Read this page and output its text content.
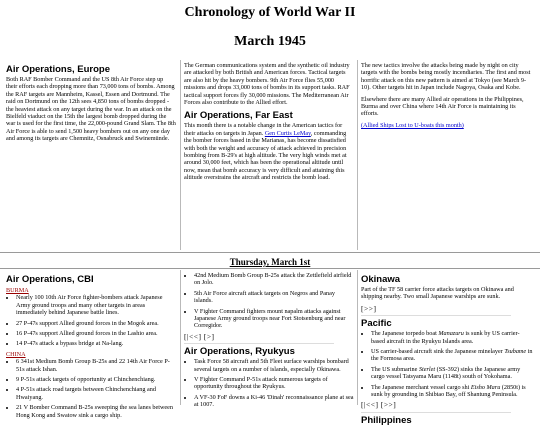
Chronology of World War II
March 1945
Air Operations, Europe

Both RAF Bomber Command and the US 8th Air Force step up their efforts each dropping more than 73,000 tons of bombs. Among the RAF targets are Mannheim, Kassel, Essen and Dortmund. The raid on Dortmund on the 12th sees 4,850 tons of bombs dropped - the heaviest attack on any target during the war. In an attack on the Bielfeld viaduct on the 15th the largest bomb dropped during the war is used for the first time, the 22,000-pound Grand Slam. The 8th Air Force is able to send 1,500 heavy bombers out on any one day and among its targets are Chemnitz, Osnabruck and Swinemünde.

The German communications system and the synthetic oil industry are attacked by both British and American forces. Tactical targets are also hit by the heavy bombers. 9th Air Force flies 55,000 missions and drops 33,000 tons of bombs in its support tasks. RAF tactical support forces fly 30,000 missions. The Mediterranean Air Forces also contribute to the Allied effort.

Air Operations, Far East

This month there is a notable change in the American tactics for their attacks on targets in Japan. Gen Curtis LeMay, commanding the bomber forces based in the Marianas, has become dissatisfied with both the weight and accuracy of attack achieved in precision bombing from B-29's at high altitude. The very high winds met at around 30,000 feet, which has been the operational altitude until now, mean that bomb accuracy is very difficult and attaining this altitude overstrains the aircraft and restricts the bomb load.

The new tactics involve the attacks being made by night on city targets with the bombs being mostly incendiaries. The first and most horrific attack on this new pattern is aimed at Tokyo (see March 9-10). Other targets hit in Japan include Nagoya, Osaka and Kobe.

Elsewhere there are many Allied air operations in the Philippines, Burma and over China where 14th Air Force is maintaining its efforts.

(Allied Ships Lost to U-boats this month)
Thursday, March 1st
Air Operations, CBI
BURMA
• Nearly 100 10th Air Force fighter-bombers attack Japanese Army ground troops and many other targets in areas immediately behind Japanese battle lines.
• 27 P-47s support Allied ground forces in the Mogok area.
• 16 P-47s support Allied ground forces in the Lashio area.
• 14 P-47s attack a bypass bridge at Na-lang.
CHINA
• 6 341st Medium Bomb Group B-25s and 22 14th Air Force P-51s attack Ishan.
• 9 P-51s attack targets of opportunity at Chinchenchiang.
• 4 P-51s attack road targets between Chinchenchiang and Hwaiyang.
• 21 V Bomber Command B-25s sweeping the sea lanes between Hong Kong and Swatow sink a cargo ship.
• 42nd Medium Bomb Group B-25s attack the Zettlefield airfield on Jolo.
• 5th Air Force aircraft attack targets on Negros and Panay islands.
• V Fighter Command fighters mount napalm attacks against Japanese Army ground troops near Fort Stotsenburg and near Corregidor.
[|<<] [>]
Air Operations, Ryukyus
• Task Force 58 aircraft and 5th Fleet surface warships bombard several targets on a number of islands, especially Okinawa.
• V Fighter Command P-51s attack numerous targets of opportunity throughout the Ryukyus.
• A VF-30 FoF downs a Ki-46 'Dinah' reconnaissance plane at sea at 1007.
Okinawa

Part of the TF 58 carrier force attacks targets on Okinawa and shipping nearby. Two small Japanese warships are sunk.

[>>]
Pacific
• The Japanese torpedo boat Manazuru is sunk by US carrier-based aircraft in the Ryukyu Islands area.
• US carrier-based aircraft sink the Japanese minelayer Tsubame in the Formosa area.
• The US submarine Sterlet (SS-392) sinks the Japanese army cargo vessel Tatsyama Maru (1148t) south of Yokohama.
• The Japanese merchant vessel cargo shi Eisho Maru (2850t) is sunk by grounding in Shibtao Bay, off Shantung Peninsula.
[|<<] [>>]
Philippines
